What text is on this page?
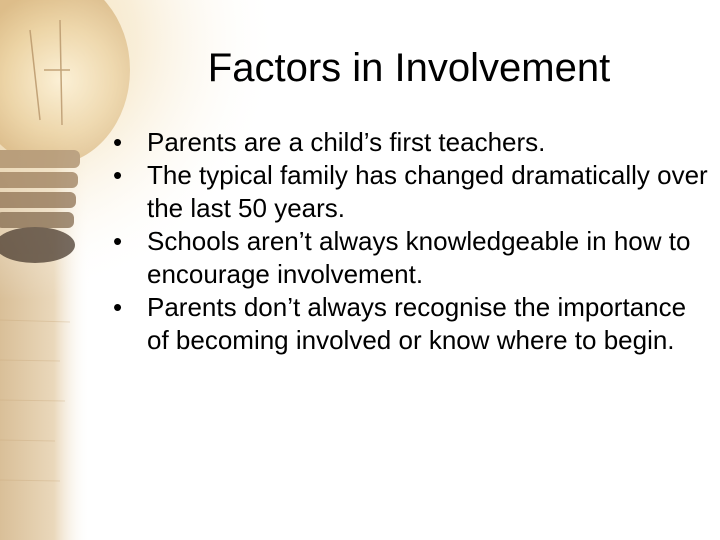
Factors in Involvement
• Parents are a child’s first teachers.
• The typical family has changed dramatically over the last 50 years.
• Schools aren’t always knowledgeable in how to encourage involvement.
• Parents don’t always recognise the importance of becoming involved or know where to begin.
